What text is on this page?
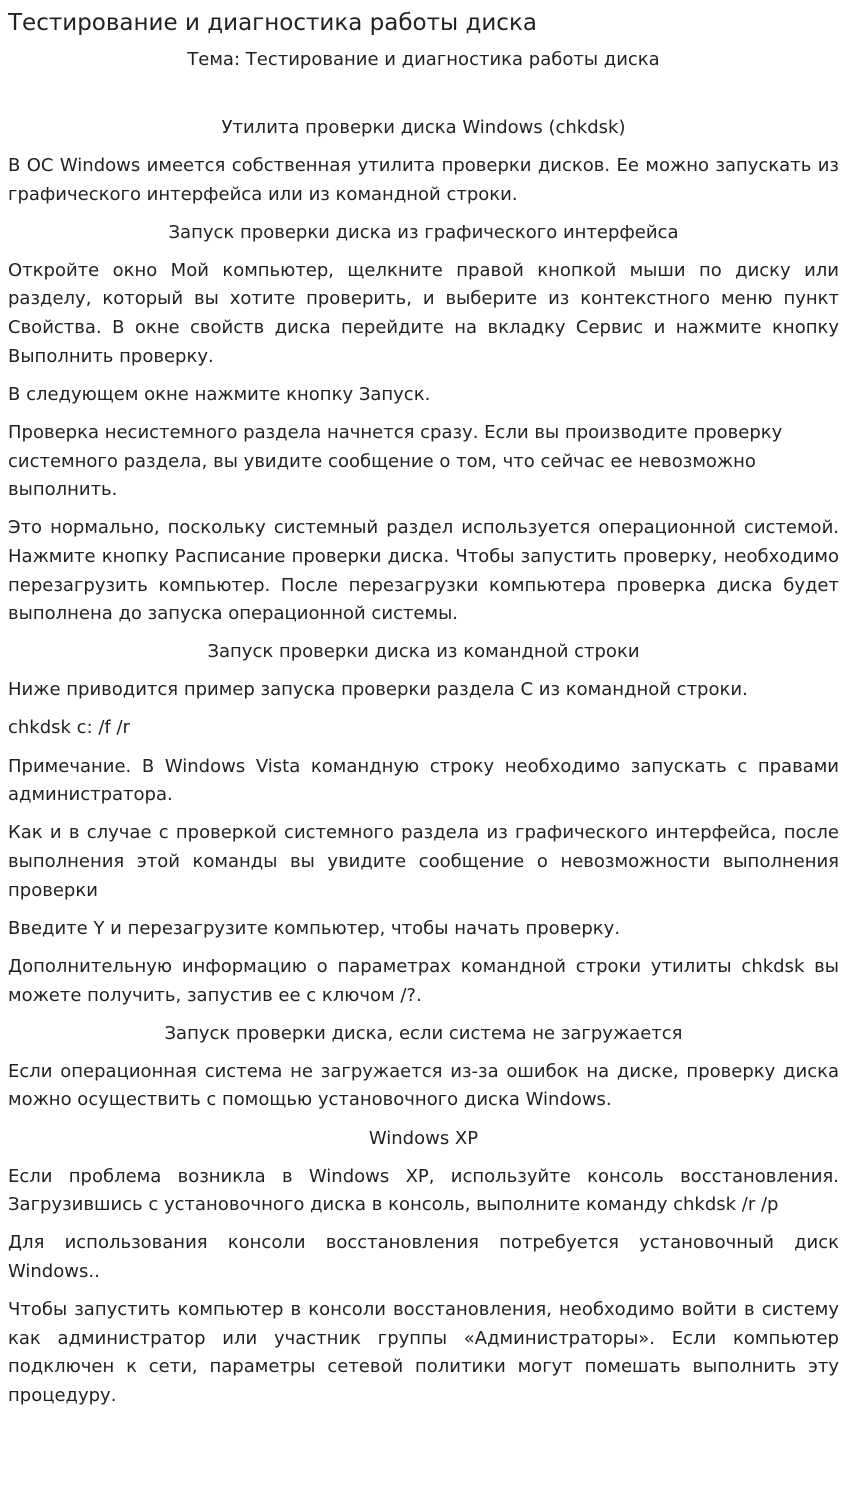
Тестирование и диагностика работы диска
Тема: Тестирование и диагностика работы диска
Утилита проверки диска Windows (chkdsk)

В ОС Windows имеется собственная утилита проверки дисков. Ее можно запускать из графического интерфейса или из командной строки.

Запуск проверки диска из графического интерфейса

Откройте окно Мой компьютер, щелкните правой кнопкой мыши по диску или разделу, который вы хотите проверить, и выберите из контекстного меню пункт Свойства. В окне свойств диска перейдите на вкладку Сервис и нажмите кнопку Выполнить проверку.

В следующем окне нажмите кнопку Запуск.

Проверка несистемного раздела начнется сразу. Если вы производите проверку системного раздела, вы увидите сообщение о том, что сейчас ее невозможно выполнить.

Это нормально, поскольку системный раздел используется операционной системой. Нажмите кнопку Расписание проверки диска. Чтобы запустить проверку, необходимо перезагрузить компьютер. После перезагрузки компьютера проверка диска будет выполнена до запуска операционной системы.

Запуск проверки диска из командной строки

Ниже приводится пример запуска проверки раздела С из командной строки.

chkdsk c: /f /r

Примечание. В Windows Vista командную строку необходимо запускать с правами администратора.

Как и в случае с проверкой системного раздела из графического интерфейса, после выполнения этой команды вы увидите сообщение о невозможности выполнения проверки

Введите Y и перезагрузите компьютер, чтобы начать проверку.

Дополнительную информацию о параметрах командной строки утилиты chkdsk вы можете получить, запустив ее с ключом /?.

Запуск проверки диска, если система не загружается

Если операционная система не загружается из-за ошибок на диске, проверку диска можно осуществить с помощью установочного диска Windows.

Windows XP

Если проблема возникла в Windows XP, используйте консоль восстановления. Загрузившись с установочного диска в консоль, выполните команду chkdsk /r /p

Для использования консоли восстановления потребуется установочный диск Windows..

Чтобы запустить компьютер в консоли восстановления, необходимо войти в систему как администратор или участник группы «Администраторы». Если компьютер подключен к сети, параметры сетевой политики могут помешать выполнить эту процедуру.
